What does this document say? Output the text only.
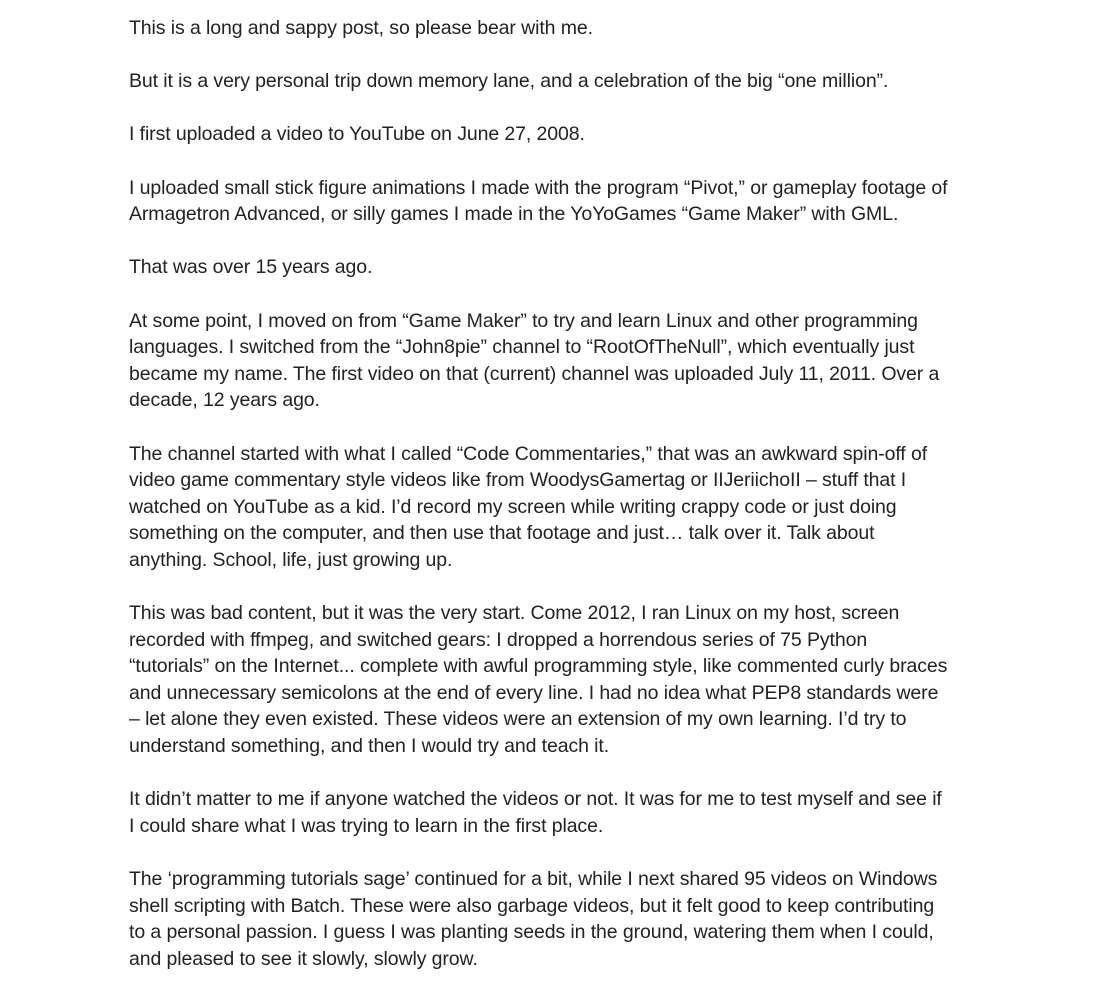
This is a long and sappy post, so please bear with me.

But it is a very personal trip down memory lane, and a celebration of the big “one million”.

I first uploaded a video to YouTube on June 27, 2008.

I uploaded small stick figure animations I made with the program “Pivot,” or gameplay footage of
Armagetron Advanced, or silly games I made in the YoYoGames “Game Maker” with GML.

That was over 15 years ago.

At some point, I moved on from “Game Maker” to try and learn Linux and other programming
languages. I switched from the “John8pie” channel to “RootOfTheNull”, which eventually just
became my name. The first video on that (current) channel was uploaded July 11, 2011. Over a
decade, 12 years ago.

The channel started with what I called “Code Commentaries,” that was an awkward spin-off of
video game commentary style videos like from WoodysGamertag or IIJeriichoII – stuff that I
watched on YouTube as a kid. I’d record my screen while writing crappy code or just doing
something on the computer, and then use that footage and just… talk over it. Talk about
anything. School, life, just growing up.

This was bad content, but it was the very start. Come 2012, I ran Linux on my host, screen
recorded with ffmpeg, and switched gears: I dropped a horrendous series of 75 Python
“tutorials” on the Internet... complete with awful programming style, like commented curly braces
and unnecessary semicolons at the end of every line. I had no idea what PEP8 standards were
– let alone they even existed. These videos were an extension of my own learning. I’d try to
understand something, and then I would try and teach it.

It didn’t matter to me if anyone watched the videos or not. It was for me to test myself and see if
I could share what I was trying to learn in the first place.

The ‘programming tutorials sage’ continued for a bit, while I next shared 95 videos on Windows
shell scripting with Batch. These were also garbage videos, but it felt good to keep contributing
to a personal passion. I guess I was planting seeds in the ground, watering them when I could,
and pleased to see it slowly, slowly grow.
